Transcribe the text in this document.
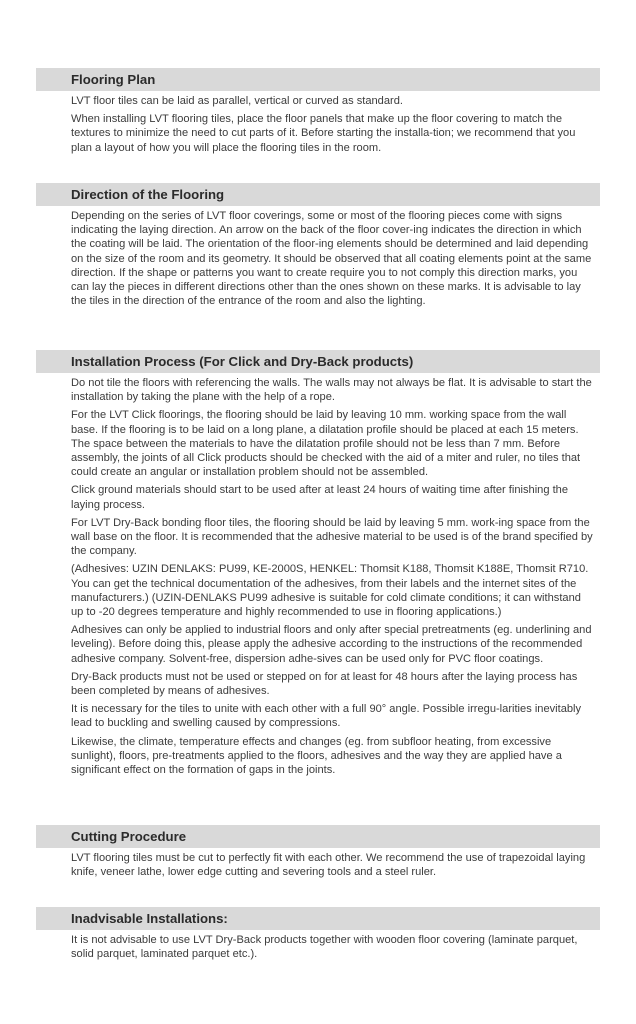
Flooring Plan

LVT floor tiles can be laid as parallel, vertical or curved as standard.

When installing LVT flooring tiles, place the floor panels that make up the floor covering to match the textures to minimize the need to cut parts of it. Before starting the installa-tion; we recommend that you plan a layout of how you will place the flooring tiles in the room.

Direction of the Flooring

Depending on the series of LVT floor coverings, some or most of the flooring pieces come with signs indicating the laying direction. An arrow on the back of the floor cover-ing indicates the direction in which the coating will be laid. The orientation of the floor-ing elements should be determined and laid depending on the size of the room and its geometry. It should be observed that all coating elements point at the same direction. If the shape or patterns you want to create require you to not comply this direction marks, you can lay the pieces in different directions other than the ones shown on these marks. It is advisable to lay the tiles in the direction of the entrance of the room and also the lighting.

Installation Process (For Click and Dry-Back products)

Do not tile the floors with referencing the walls. The walls may not always be flat. It is advisable to start the installation by taking the plane with the help of a rope.

For the LVT Click floorings, the flooring should be laid by leaving 10 mm. working space from the wall base. If the flooring is to be laid on a long plane, a dilatation profile should be placed at each 15 meters. The space between the materials to have the dilatation profile should not be less than 7 mm. Before assembly, the joints of all Click products should be checked with the aid of a miter and ruler, no tiles that could create an angular or installation problem should not be assembled.

Click ground materials should start to be used after at least 24 hours of waiting time after finishing the laying process.

For LVT Dry-Back bonding floor tiles, the flooring should be laid by leaving 5 mm. work-ing space from the wall base on the floor. It is recommended that the adhesive material to be used is of the brand specified by the company.

(Adhesives: UZIN DENLAKS: PU99, KE-2000S, HENKEL: Thomsit K188, Thomsit K188E, Thomsit R710. You can get the technical documentation of the adhesives, from their labels and the internet sites of the manufacturers.) (UZIN-DENLAKS PU99 adhesive is suitable for cold climate conditions; it can withstand up to -20 degrees temperature and highly recommended to use in flooring applications.)

Adhesives can only be applied to industrial floors and only after special pretreatments (eg. underlining and leveling). Before doing this, please apply the adhesive according to the instructions of the recommended adhesive company. Solvent-free, dispersion adhe-sives can be used only for PVC floor coatings.

Dry-Back products must not be used or stepped on for at least for 48 hours after the laying process has been completed by means of adhesives.

It is necessary for the tiles to unite with each other with a full 90° angle. Possible irregu-larities inevitably lead to buckling and swelling caused by compressions.

Likewise, the climate, temperature effects and changes (eg. from subfloor heating, from excessive sunlight), floors, pre-treatments applied to the floors, adhesives and the way they are applied have a significant effect on the formation of gaps in the joints.

Cutting Procedure

LVT flooring tiles must be cut to perfectly fit with each other. We recommend the use of trapezoidal laying knife, veneer lathe, lower edge cutting and severing tools and a steel ruler.

Inadvisable Installations:

It is not advisable to use LVT Dry-Back products together with wooden floor covering (laminate parquet, solid parquet, laminated parquet etc.).
